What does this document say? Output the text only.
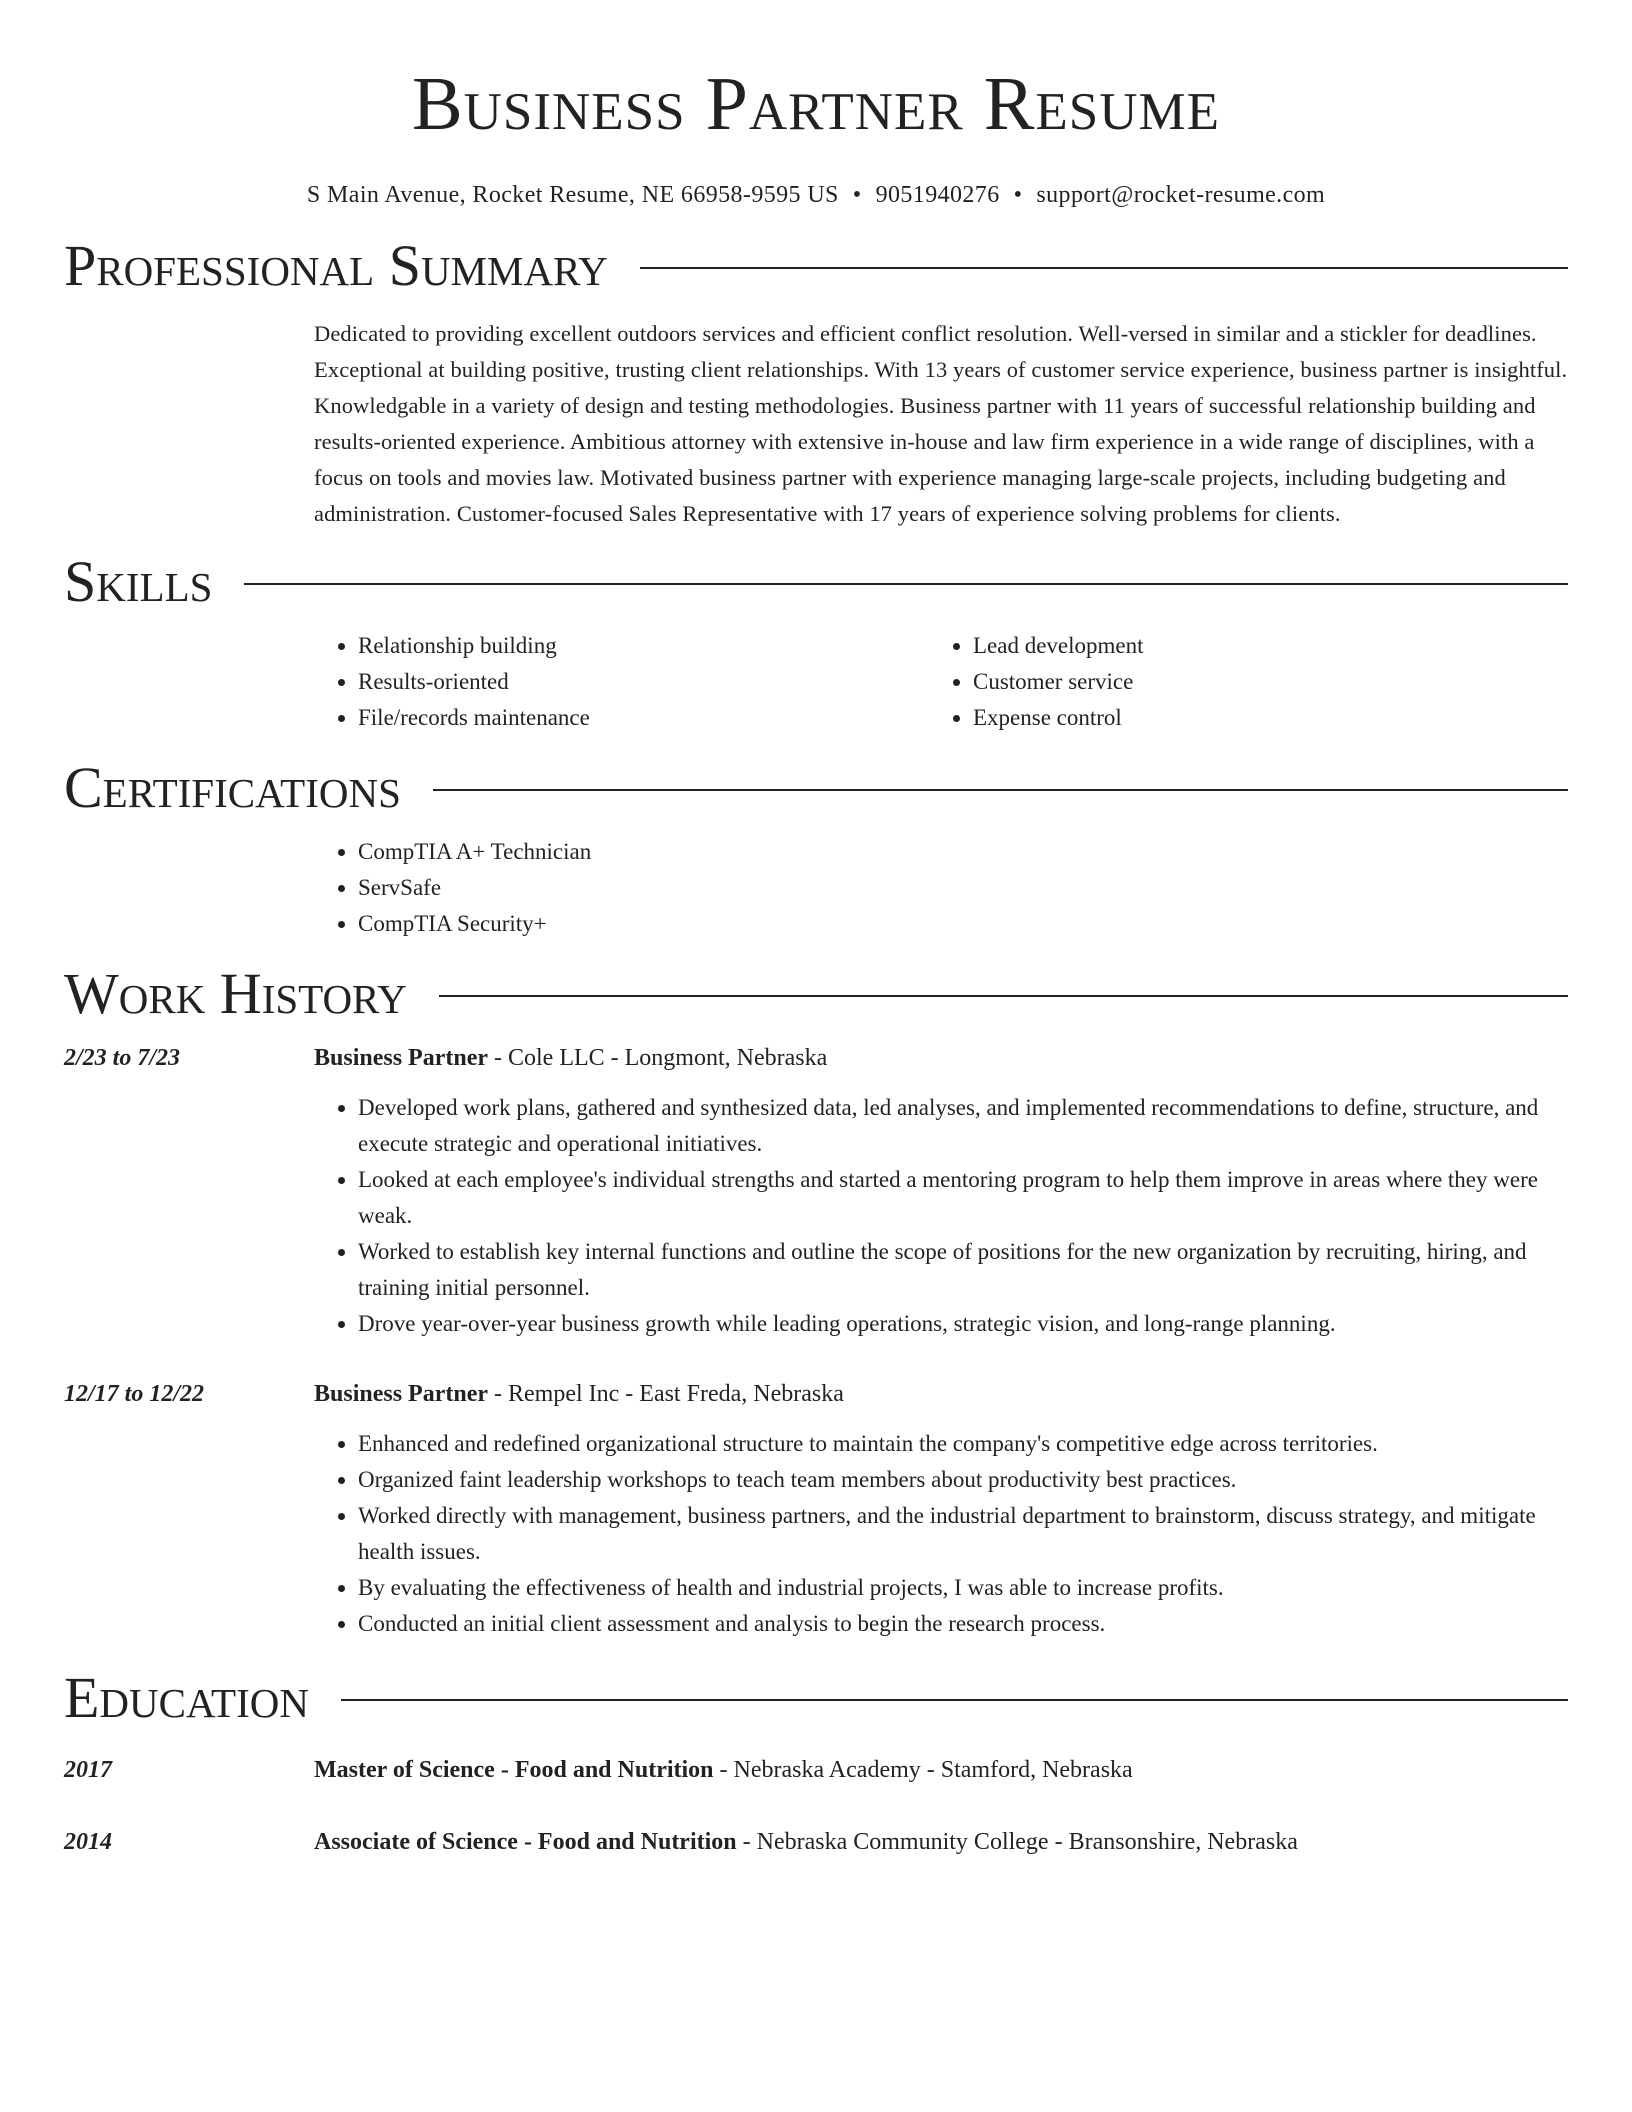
Business Partner Resume
S Main Avenue, Rocket Resume, NE 66958-9595 US • 9051940276 • support@rocket-resume.com
Professional Summary
Dedicated to providing excellent outdoors services and efficient conflict resolution. Well-versed in similar and a stickler for deadlines. Exceptional at building positive, trusting client relationships. With 13 years of customer service experience, business partner is insightful. Knowledgable in a variety of design and testing methodologies. Business partner with 11 years of successful relationship building and results-oriented experience. Ambitious attorney with extensive in-house and law firm experience in a wide range of disciplines, with a focus on tools and movies law. Motivated business partner with experience managing large-scale projects, including budgeting and administration. Customer-focused Sales Representative with 17 years of experience solving problems for clients.
Skills
• Relationship building
• Results-oriented
• File/records maintenance
• Lead development
• Customer service
• Expense control
Certifications
• CompTIA A+ Technician
• ServSafe
• CompTIA Security+
Work History
2/23 to 7/23	Business Partner - Cole LLC - Longmont, Nebraska
• Developed work plans, gathered and synthesized data, led analyses, and implemented recommendations to define, structure, and execute strategic and operational initiatives.
• Looked at each employee's individual strengths and started a mentoring program to help them improve in areas where they were weak.
• Worked to establish key internal functions and outline the scope of positions for the new organization by recruiting, hiring, and training initial personnel.
• Drove year-over-year business growth while leading operations, strategic vision, and long-range planning.
12/17 to 12/22	Business Partner - Rempel Inc - East Freda, Nebraska
• Enhanced and redefined organizational structure to maintain the company's competitive edge across territories.
• Organized faint leadership workshops to teach team members about productivity best practices.
• Worked directly with management, business partners, and the industrial department to brainstorm, discuss strategy, and mitigate health issues.
• By evaluating the effectiveness of health and industrial projects, I was able to increase profits.
• Conducted an initial client assessment and analysis to begin the research process.
Education
2017	Master of Science - Food and Nutrition - Nebraska Academy - Stamford, Nebraska
2014	Associate of Science - Food and Nutrition - Nebraska Community College - Bransonshire, Nebraska
